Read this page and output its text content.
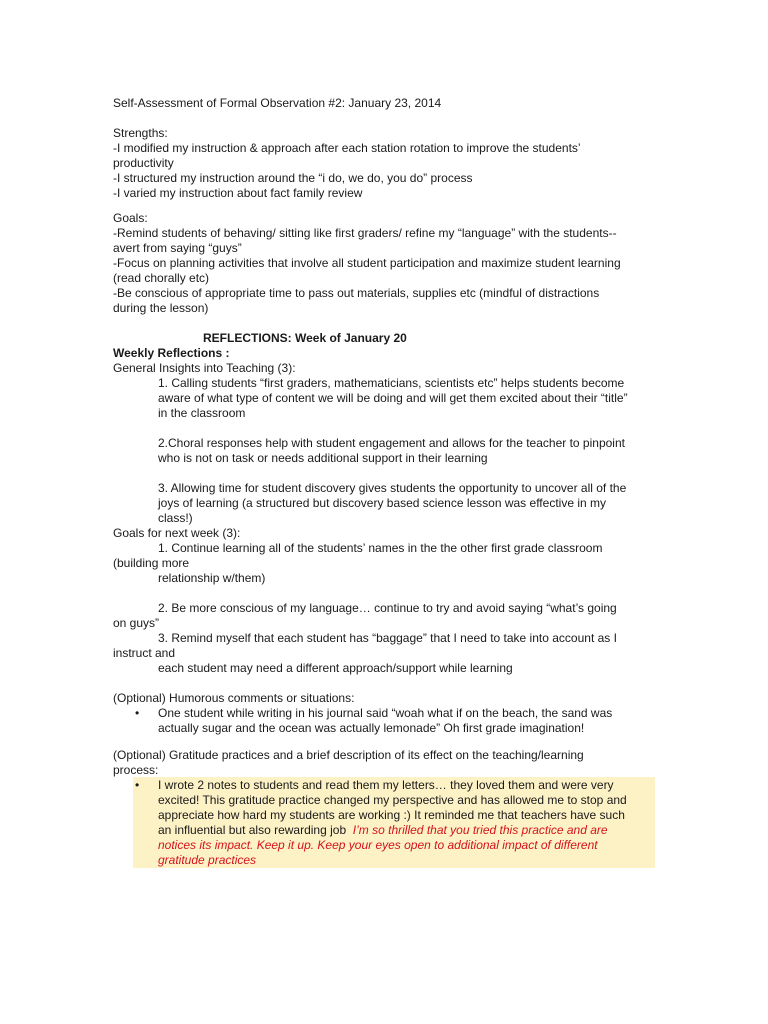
Self-Assessment of Formal Observation #2: January 23, 2014
Strengths:
-I modified my instruction & approach after each station rotation to improve the students’
productivity
-I structured my instruction around the “i do, we do, you do” process
-I varied my instruction about fact family review
Goals:
-Remind students of behaving/ sitting like first graders/ refine my “language” with the students--
avert from saying “guys”
-Focus on planning activities that involve all student participation and maximize student learning
(read chorally etc)
-Be conscious of appropriate time to pass out materials, supplies etc (mindful of distractions
during the lesson)
REFLECTIONS: Week of January 20
Weekly Reflections :
General Insights into Teaching (3):
1. Calling students “first graders, mathematicians, scientists etc” helps students become
aware of what type of content we will be doing and will get them excited about their “title”
in the classroom

2.Choral responses help with student engagement and allows for the teacher to pinpoint
who is not on task or needs additional support in their learning

3. Allowing time for student discovery gives students the opportunity to uncover all of the
joys of learning (a structured but discovery based science lesson was effective in my
class!)
Goals for next week (3):
1. Continue learning all of the students’ names in the the other first grade classroom
(building more
relationship w/them)

2. Be more conscious of my language… continue to try and avoid saying “what’s going
on guys”
3. Remind myself that each student has “baggage” that I need to take into account as I
instruct and
each student may need a different approach/support while learning

(Optional) Humorous comments or situations:
• One student while writing in his journal said “woah what if on the beach, the sand was
actually sugar and the ocean was actually lemonade” Oh first grade imagination!
(Optional) Gratitude practices and a brief description of its effect on the teaching/learning
process:
• I wrote 2 notes to students and read them my letters… they loved them and were very
excited! This gratitude practice changed my perspective and has allowed me to stop and
appreciate how hard my students are working :) It reminded me that teachers have such
an influential but also rewarding job  I’m so thrilled that you tried this practice and are
notices its impact. Keep it up. Keep your eyes open to additional impact of different
gratitude practices
